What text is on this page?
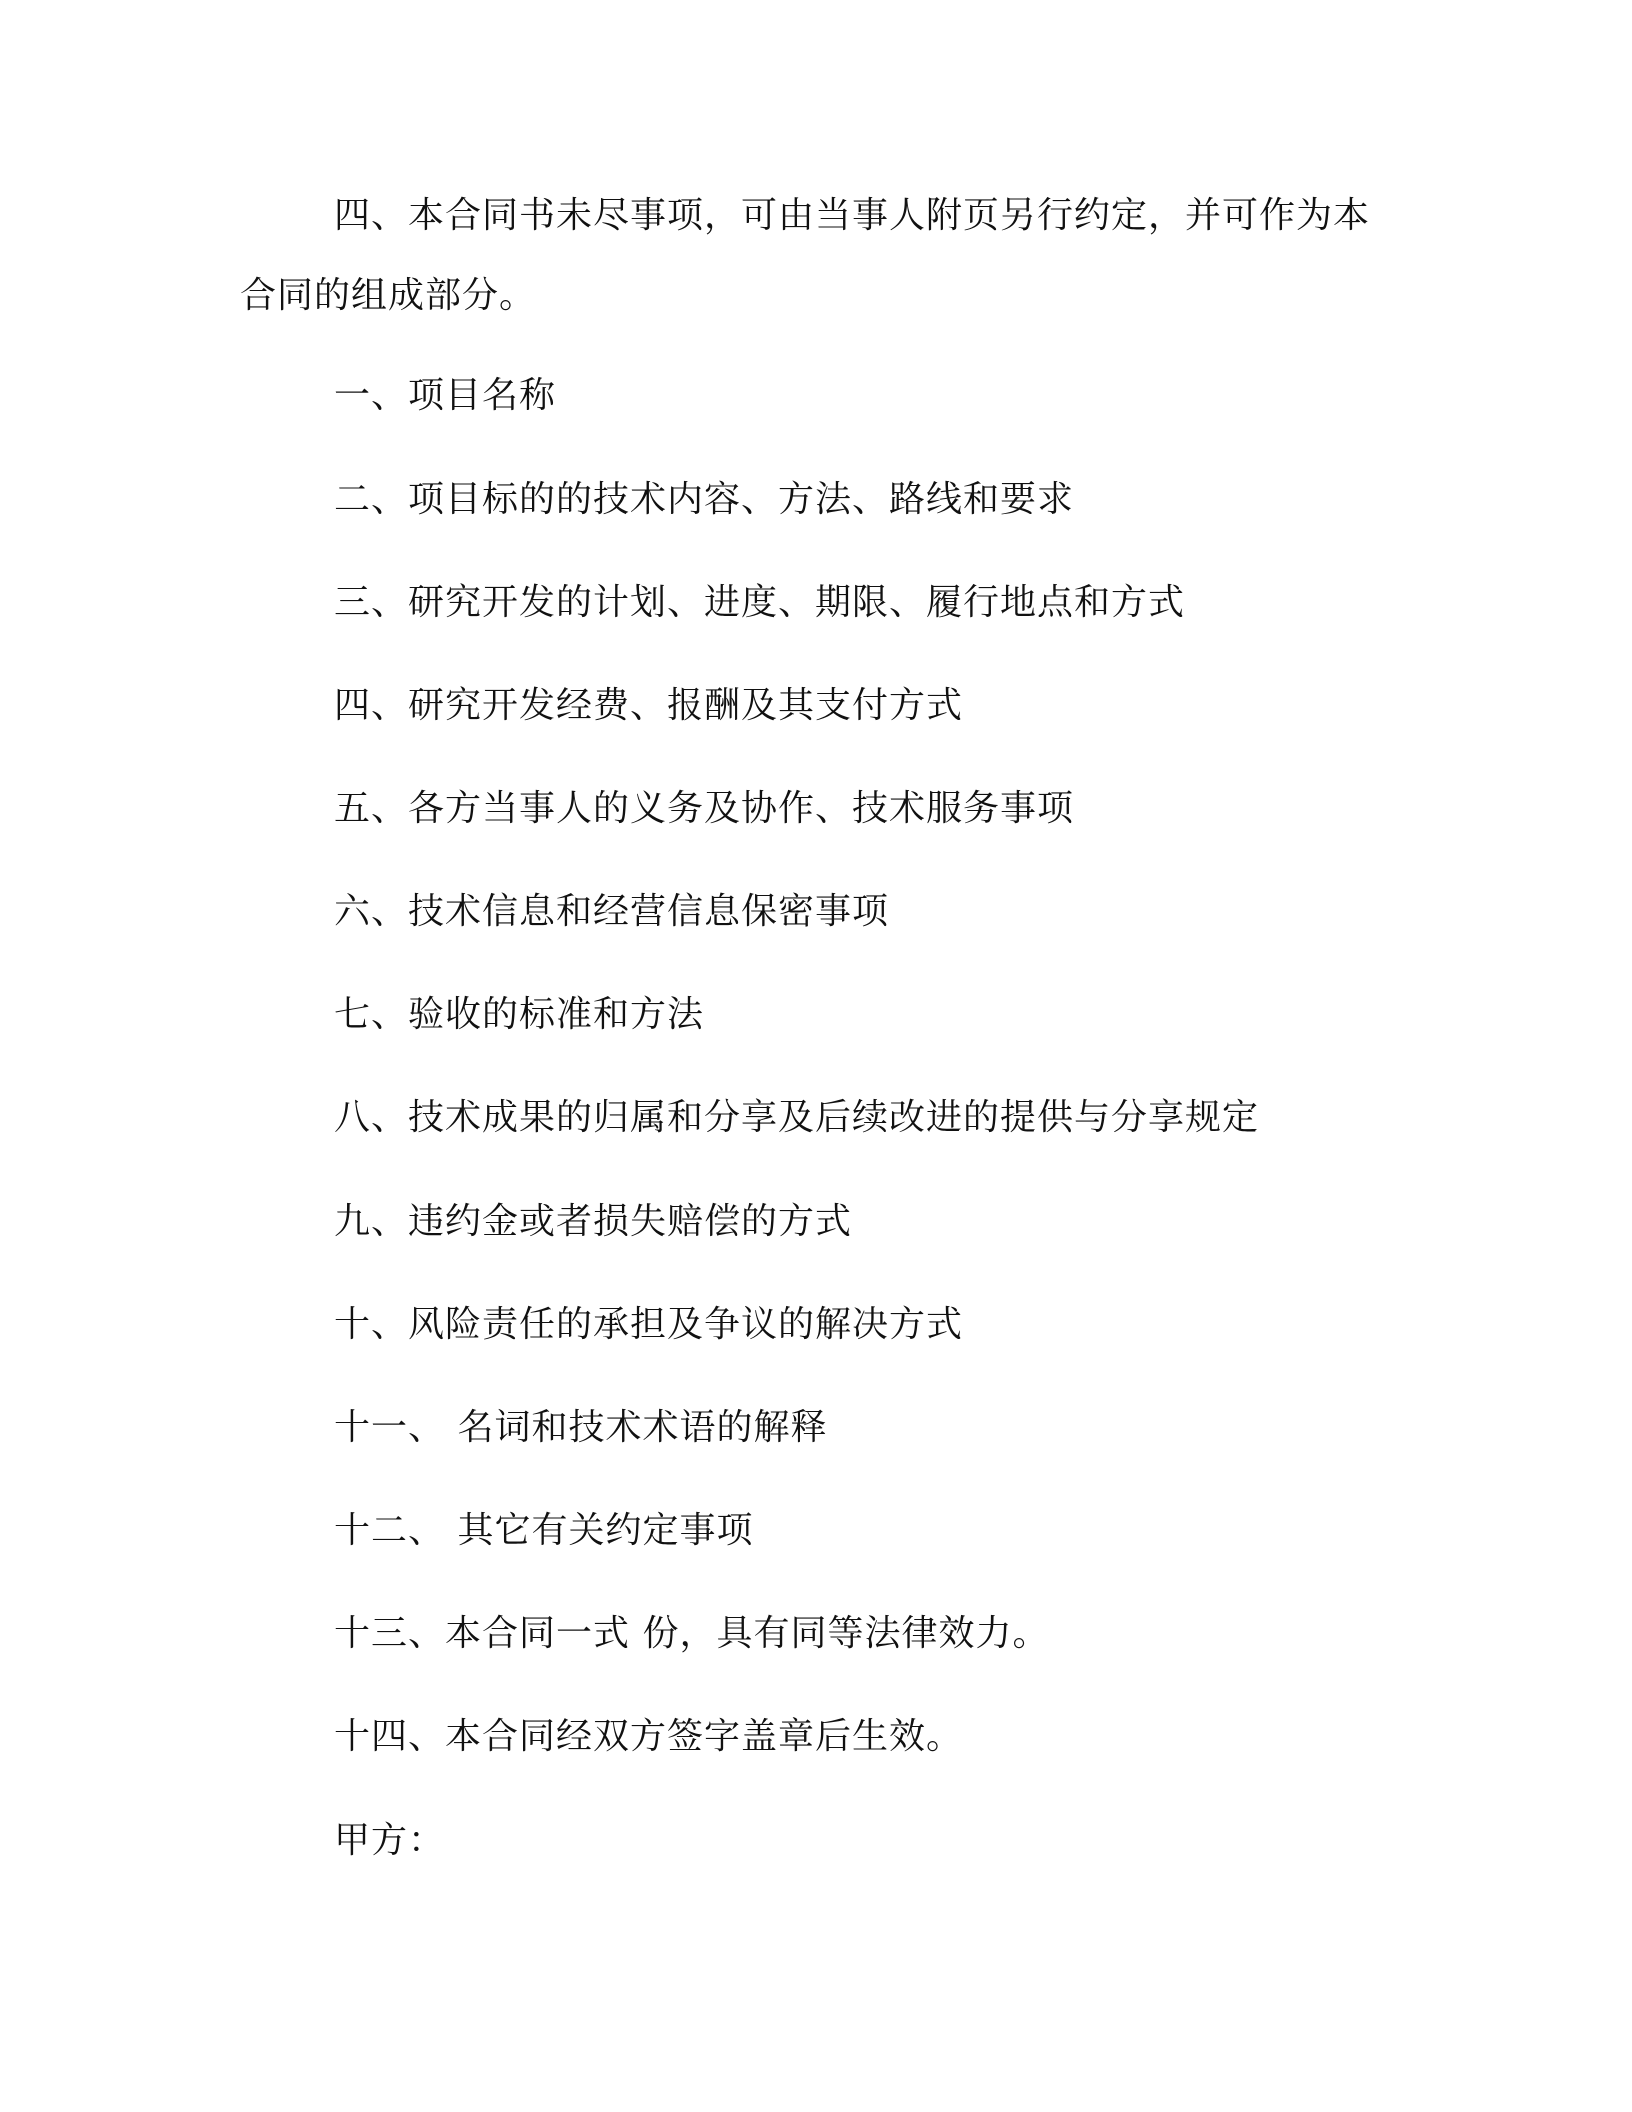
四、本合同书未尽事项，可由当事人附页另行约定，并可作为本合同的组成部分。

一、项目名称

二、项目标的的技术内容、方法、路线和要求

三、研究开发的计划、进度、期限、履行地点和方式

四、研究开发经费、报酬及其支付方式

五、各方当事人的义务及协作、技术服务事项

六、技术信息和经营信息保密事项

七、验收的标准和方法

八、技术成果的归属和分享及后续改进的提供与分享规定

九、违约金或者损失赔偿的方式

十、风险责任的承担及争议的解决方式

十一、 名词和技术术语的解释

十二、 其它有关约定事项

十三、本合同一式 份，具有同等法律效力。

十四、本合同经双方签字盖章后生效。

甲方：
